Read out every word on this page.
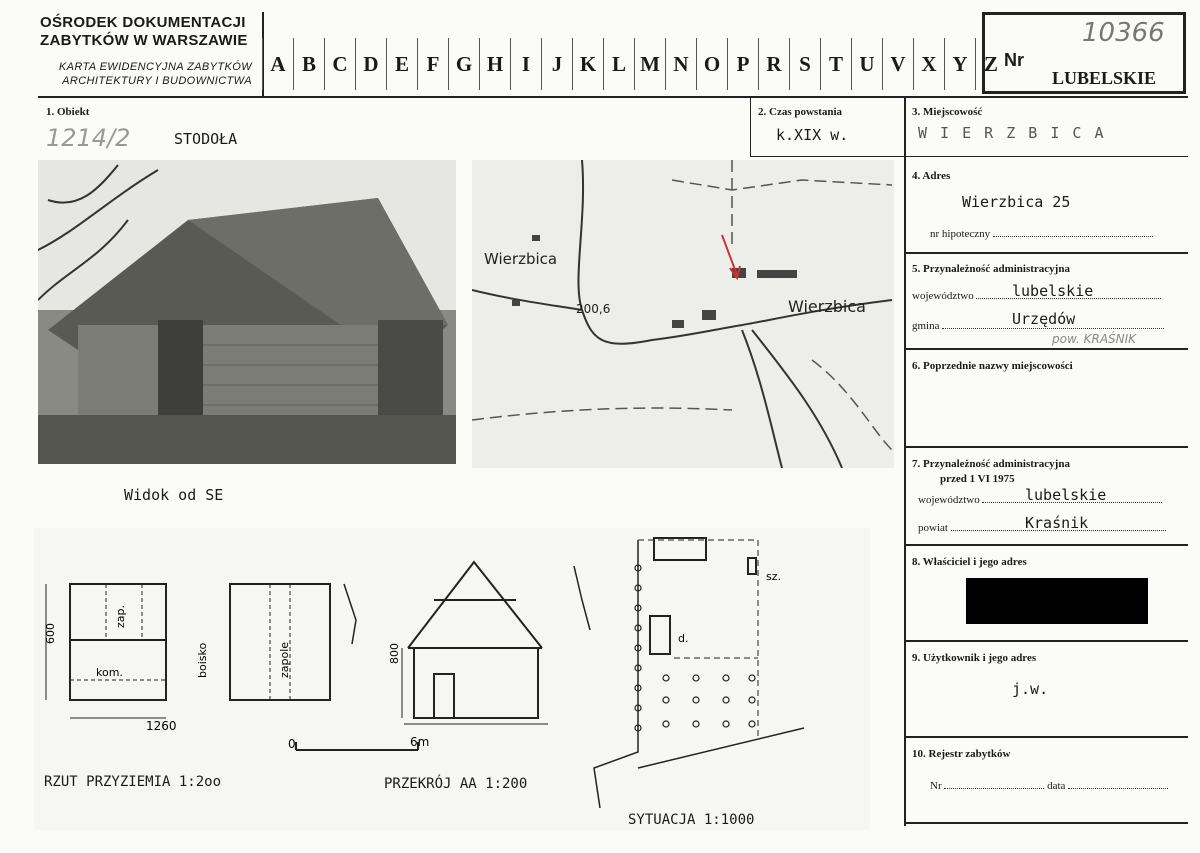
OŚRODEK DOKUMENTACJI
ZABYTKÓW W WARSZAWIE
KARTA EWIDENCYJNA ZABYTKÓW
ARCHITEKTURY I BUDOWNICTWA
A B C D E F G H I	J K L M N O P R S T U V X Y Z Nr
10366
LUBELSKIE
1. Obiekt
1214/2	STODOŁA
2. Czas powstania
k.XIX w.
3. Miejscowość
W I E R Z B I C A
4. Adres
Wierzbica 25
nr hipoteczny
5. Przynależność administracyjna
województwo	lubelskie
gmina	Urzędów
pow. KRAŚNIK
6. Poprzednie nazwy miejscowości
7. Przynależność administracyjna
przed 1 VI 1975
województwo	lubelskie
powiat	Kraśnik
8. Właściciel i jego adres
9. Użytkownik i jego adres
j.w.
10. Rejestr zabytków
Nr	data
Widok od SE
Wierzbica
Wierzbica
200,6
600
1260
zap.
kom.	boisko	zapole	800
0	6m
sz.
d.
RZUT PRZYZIEMIA 1:2oo	PRZEKRÓJ AA 1:200
SYTUACJA 1:1000
